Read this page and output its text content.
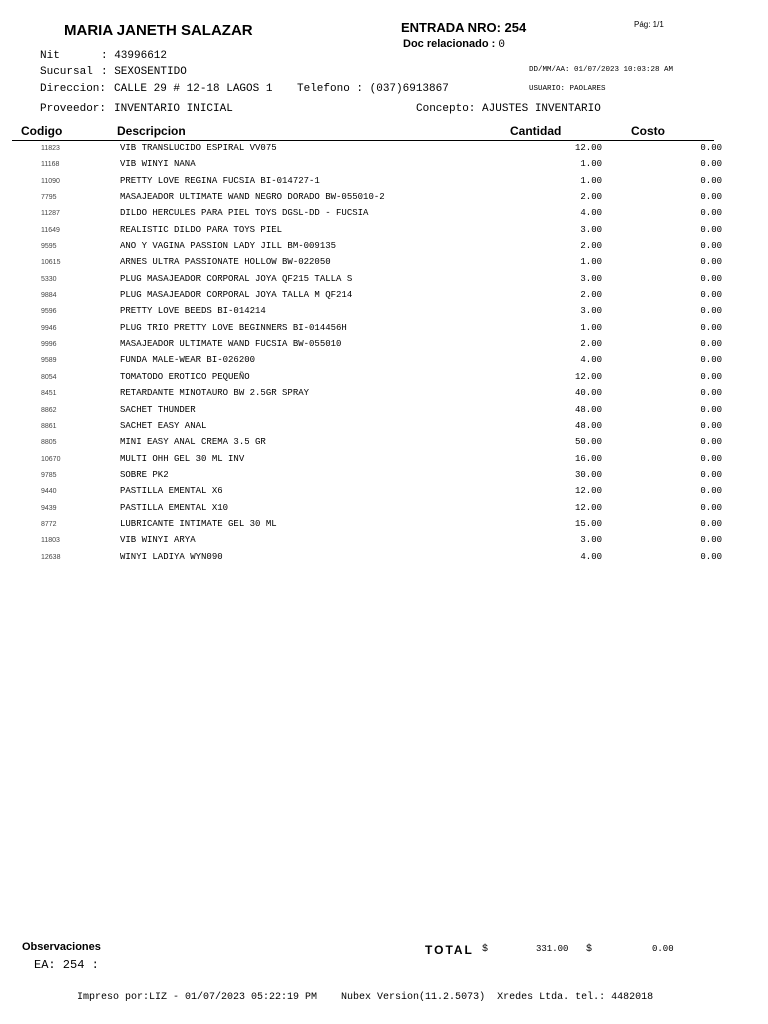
MARIA JANETH SALAZAR	ENTRADA NRO: 254
Doc relacionado : 0
Pág: 1/1
Nit	: 43996612
Sucursal : SEXOSENTIDO
Direccion: CALLE 29 # 12-18 LAGOS 1 Telefono : (037)6913867
DD/MM/AA: 01/07/2023 10:03:28 AM
USUARIO: PAOLARES
Proveedor: INVENTARIO INICIAL	Concepto: AJUSTES INVENTARIO
Codigo	Descripcion	Cantidad	Costo
11823	VIB TRANSLUCIDO ESPIRAL VV075	12.00	0.00
11168	VIB WINYI NANA	1.00	0.00
11090	PRETTY LOVE REGINA FUCSIA BI-014727-1	1.00	0.00
7795	MASAJEADOR ULTIMATE WAND NEGRO DORADO BW-055010-2	2.00	0.00
11287	DILDO HERCULES PARA PIEL TOYS DGSL-DD - FUCSIA	4.00	0.00
11649	REALISTIC DILDO PARA TOYS PIEL	3.00	0.00
9595	ANO Y VAGINA PASSION LADY JILL BM-009135	2.00	0.00
10615	ARNES ULTRA PASSIONATE HOLLOW BW-022050	1.00	0.00
5330	PLUG MASAJEADOR CORPORAL JOYA QF215 TALLA S	3.00	0.00
9884	PLUG MASAJEADOR CORPORAL JOYA TALLA M QF214	2.00	0.00
9596	PRETTY LOVE BEEDS BI-014214	3.00	0.00
9946	PLUG TRIO PRETTY LOVE BEGINNERS BI-014456H	1.00	0.00
9996	MASAJEADOR ULTIMATE WAND FUCSIA BW-055010	2.00	0.00
9589	FUNDA MALE-WEAR BI-026200	4.00	0.00
8054	TOMATODO EROTICO PEQUEÑO	12.00	0.00
8451	RETARDANTE MINOTAURO BW 2.5GR SPRAY	40.00	0.00
8862	SACHET THUNDER	48.00	0.00
8861	SACHET EASY ANAL	48.00	0.00
8805	MINI EASY ANAL CREMA 3.5 GR	50.00	0.00
10670	MULTI OHH GEL 30 ML INV	16.00	0.00
9785	SOBRE PK2	30.00	0.00
9440	PASTILLA EMENTAL X6	12.00	0.00
9439	PASTILLA EMENTAL X10	12.00	0.00
8772	LUBRICANTE INTIMATE GEL 30 ML	15.00	0.00
11803	VIB WINYI ARYA	3.00	0.00
12638	WINYI LADIYA WYN090	4.00	0.00
Observaciones
EA: 254 :
TOTAL $	331.00 $	0.00
Impreso por:LIZ - 01/07/2023 05:22:19 PM    Nubex Version(11.2.5073)  Xredes Ltda. tel.: 4482018
